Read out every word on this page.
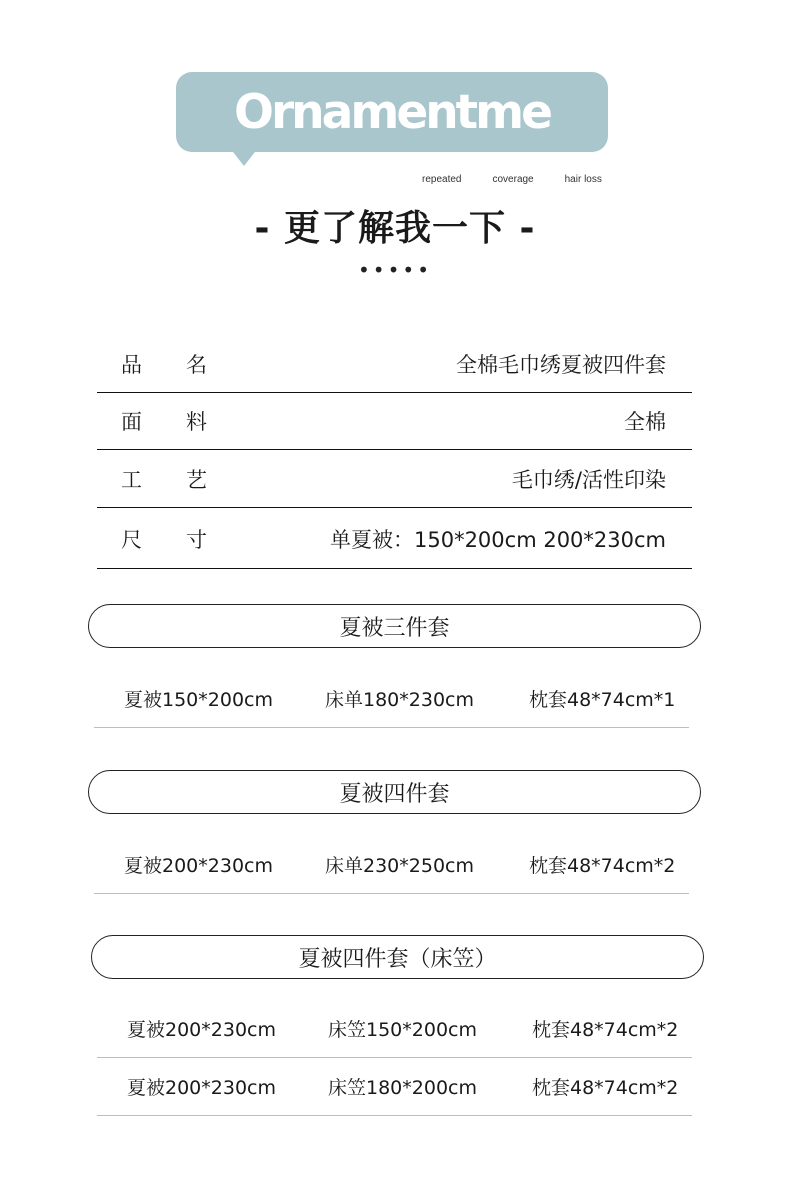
Ornamentme
repeated	coverage	hair loss
- 更了解我一下 -
•••••
品 名	全棉毛巾绣夏被四件套
面 料	全棉
工 艺	毛巾绣/活性印染
尺 寸	单夏被：150*200cm 200*230cm
夏被三件套
夏被150*200cm	床单180*230cm	枕套48*74cm*1
夏被四件套
夏被200*230cm	床单230*250cm	枕套48*74cm*2
夏被四件套（床笠）
夏被200*230cm	床笠150*200cm	枕套48*74cm*2
夏被200*230cm	床笠180*200cm	枕套48*74cm*2
